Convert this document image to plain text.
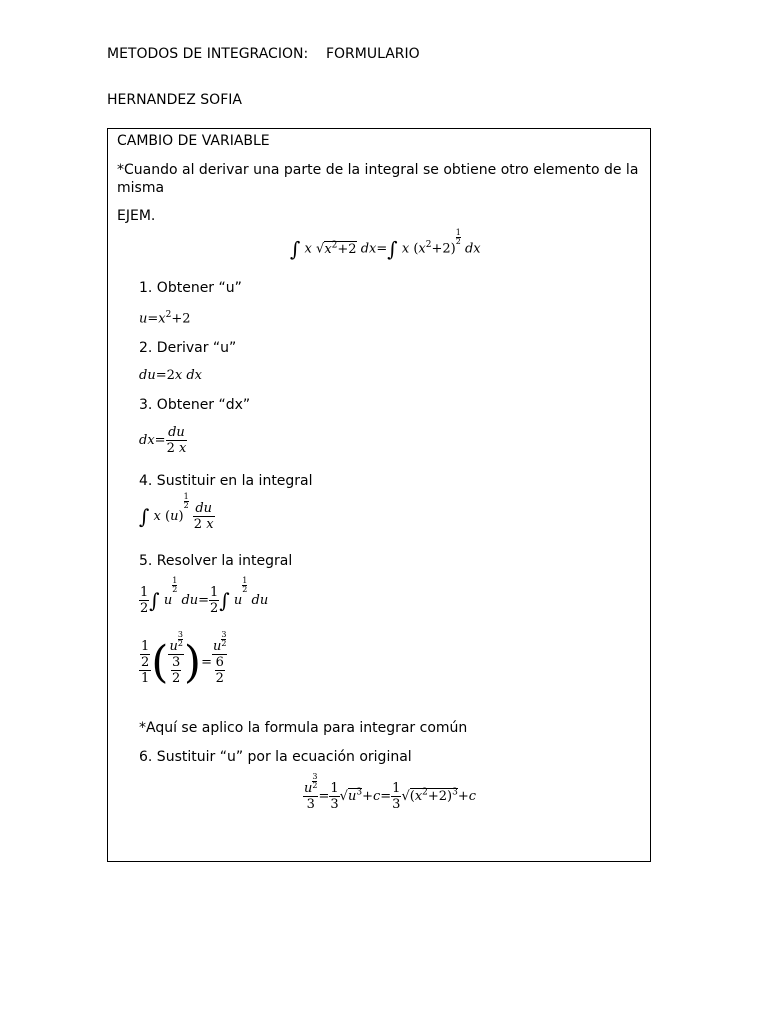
METODOS DE INTEGRACION:    FORMULARIO
HERNANDEZ SOFIA
CAMBIO DE VARIABLE
*Cuando al derivar una parte de la integral se obtiene otro elemento de la
misma
EJEM.
∫ x $√x^2+2$ dx=∫ x $(x^2+2)$
$\frac{1}{2}$
dx
1. Obtener “u”
$u=x^2+2$
2. Derivar “u”
du=2x dx
3. Obtener “dx”
$dx= \frac{du}{2 x}$
4. Sustituir en la integral
∫ x (u)
$\frac{1}{2}$
$\frac{du}{2 x}$
5. Resolver la integral
$\frac{1}{2}$ ∫ u
$\frac{1}{2}$
$du= \frac{1}{2}$ ∫ u
$\frac{1}{2}$
du
$\frac{\frac{1}{2}}{1}$ ( $\frac{u \frac{3}{2}}{\frac{3}{2}}$ )= $\frac{u \frac{3}{2}}{\frac{6}{2}}$
*Aquí se aplico la formula para integrar común
6. Sustituir “u” por la ecuación original
$\frac{u \frac{3}{2}}{3} = \frac{1}{3} √u^3+c= \frac{1}{3} √(x^2+2)^3+c$
